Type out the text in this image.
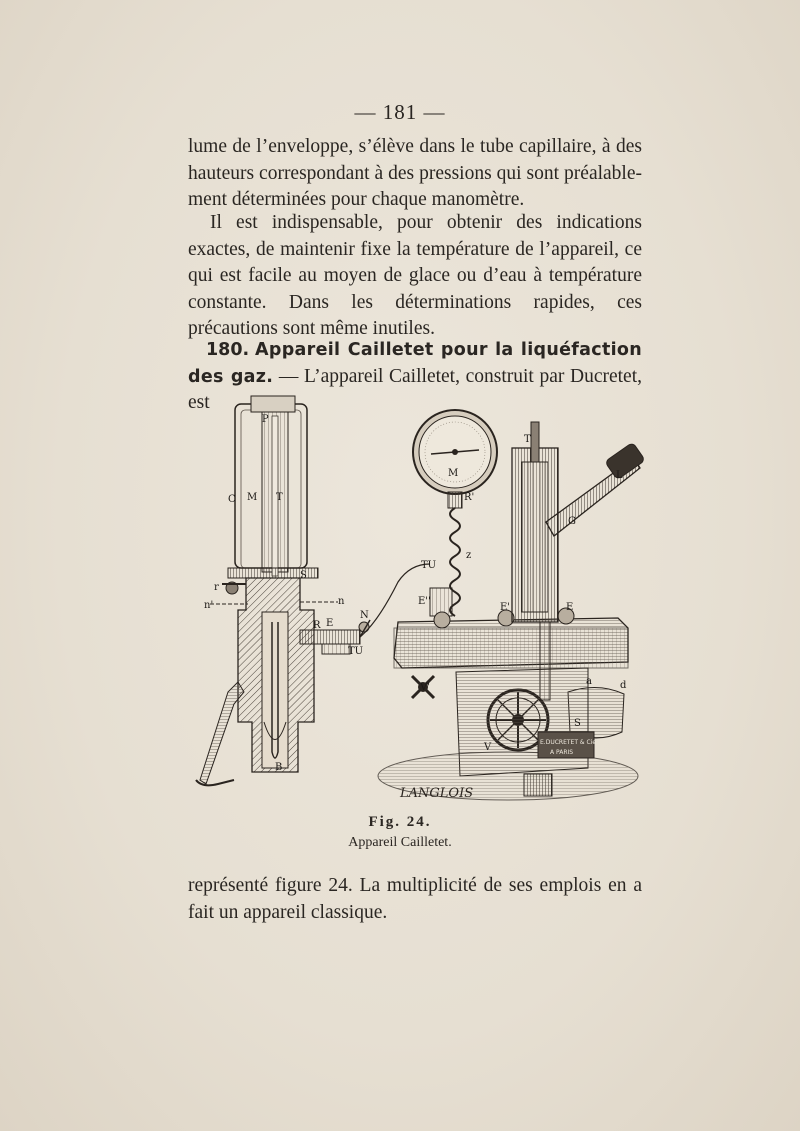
— 181 —

lume de l’enveloppe, s’élève dans le tube capillaire, à des hauteurs correspondant à des pressions qui sont préalable- ment déterminées pour chaque manomètre.

Il est indispensable, pour obtenir des indications exactes, de maintenir fixe la température de l’appareil, ce qui est facile au moyen de glace ou d’eau à température constante. Dans les déterminations rapides, ces précautions sont même inutiles.

180. Appareil Cailletet pour la liquéfaction des gaz. — L’appareil Cailletet, construit par Ducretet, est

P
C M T
r
n'	n
S
E
R
N
TU
B
T
M
R'
z
TU
E''
E'	E
G
L
V
V'
a	d
S
E.DUCRETET & Cie
A PARIS
LANGLOIS
Fig. 24.
Appareil Cailletet.

représenté figure 24. La multiplicité de ses emplois en a fait un appareil classique.
